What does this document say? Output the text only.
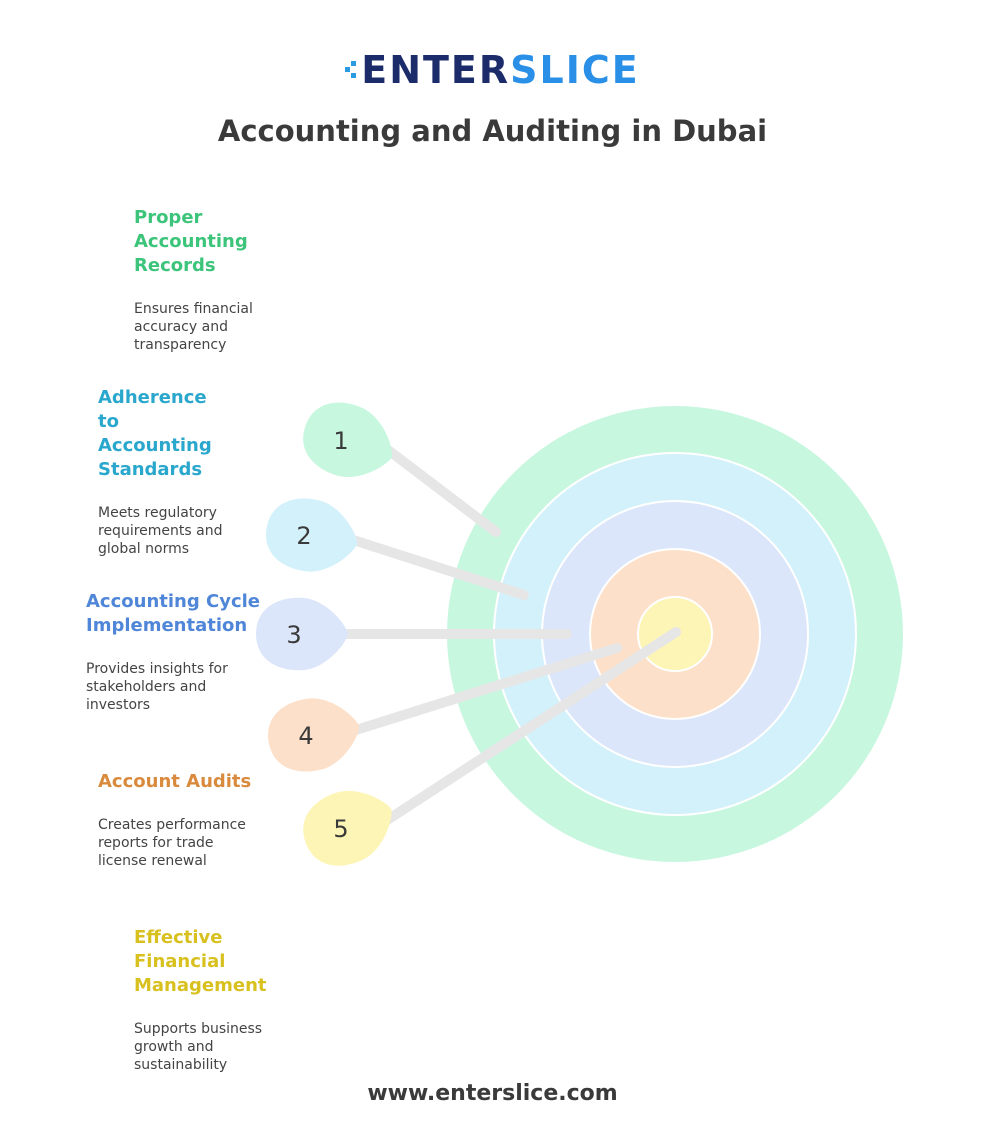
ENTERSLICE
Accounting and Auditing in Dubai
1
2
3
4
5
Proper Accounting Records
Ensures financial accuracy and transparency
Adherence to Accounting Standards
Meets regulatory requirements and global norms
Accounting Cycle Implementation
Provides insights for stakeholders and investors
Account Audits
Creates performance reports for trade license renewal
Effective Financial Management
Supports business growth and sustainability
www.enterslice.com
